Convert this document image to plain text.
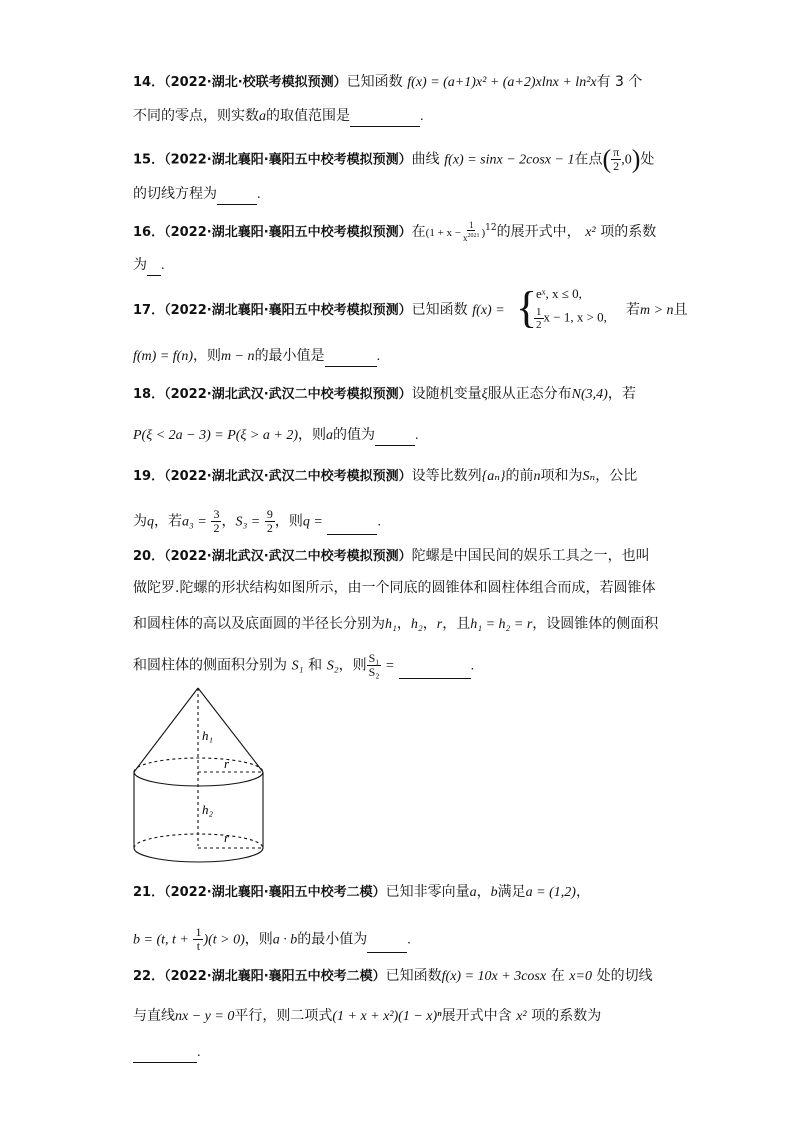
14．（2022·湖北·校联考模拟预测）已知函数 f(x) = (a+1)x² + (a+2)xlnx + ln²x有 3 个
不同的零点，则实数a的取值范围是	.
15．（2022·湖北襄阳·襄阳五中校考模拟预测）曲线 f(x) = sinx − 2cosx − 1在点( $\frac{\pi}{2} ,0$)处
的切线方程为	.
16．（2022·湖北襄阳·襄阳五中校考模拟预测）在$(1 + x - \frac{1}{x^{2021}} )^{12}$的展开式中， x² 项的系数
为 .
17．（2022·湖北襄阳·襄阳五中校考模拟预测）已知函数 f(x) = {
eˣ, x ≤ 0,
$\frac{1}{2}$ x − 1, x > 0, 若m > n且
f(m) = f(n)，则m − n的最小值是	.
18．（2022·湖北武汉·武汉二中校考模拟预测）设随机变量ξ服从正态分布N(3,4)，若
P(ξ < 2a − 3) = P(ξ > a + 2)，则a的值为	.
19．（2022·湖北武汉·武汉二中校考模拟预测）设等比数列{aₙ}的前n项和为Sₙ，公比
为q，若$a_3 = \frac{3}{2}$ ，$S_3 = \frac{9}{2}$ ，则q =	.
20．（2022·湖北武汉·武汉二中校考模拟预测）陀螺是中国民间的娱乐工具之一，也叫
做陀罗.陀螺的形状结构如图所示，由一个同底的圆锥体和圆柱体组合而成，若圆锥体
和圆柱体的高以及底面圆的半径长分别为h₁，h₂，r，且h₁ = h₂ = r，设圆锥体的侧面积
和圆柱体的侧面积分别为 S₁ 和 S₂，则 $\frac{\text{S₁}}{\text{S₂}}$ =	.
h₁
r
h₂
r
21．（2022·湖北襄阳·襄阳五中校考二模）已知非零向量a，b满足a = (1,2)，
b = (t, $t + \frac{1}{t} )(t > 0)$，则a · b的最小值为	.
22．（2022·湖北襄阳·襄阳五中校考二模）已知函数f(x) = 10x + 3cosx 在 x=0 处的切线
与直线nx − y = 0平行，则二项式(1 + x + x²)(1 − x)ⁿ展开式中含 x² 项的系数为
.
